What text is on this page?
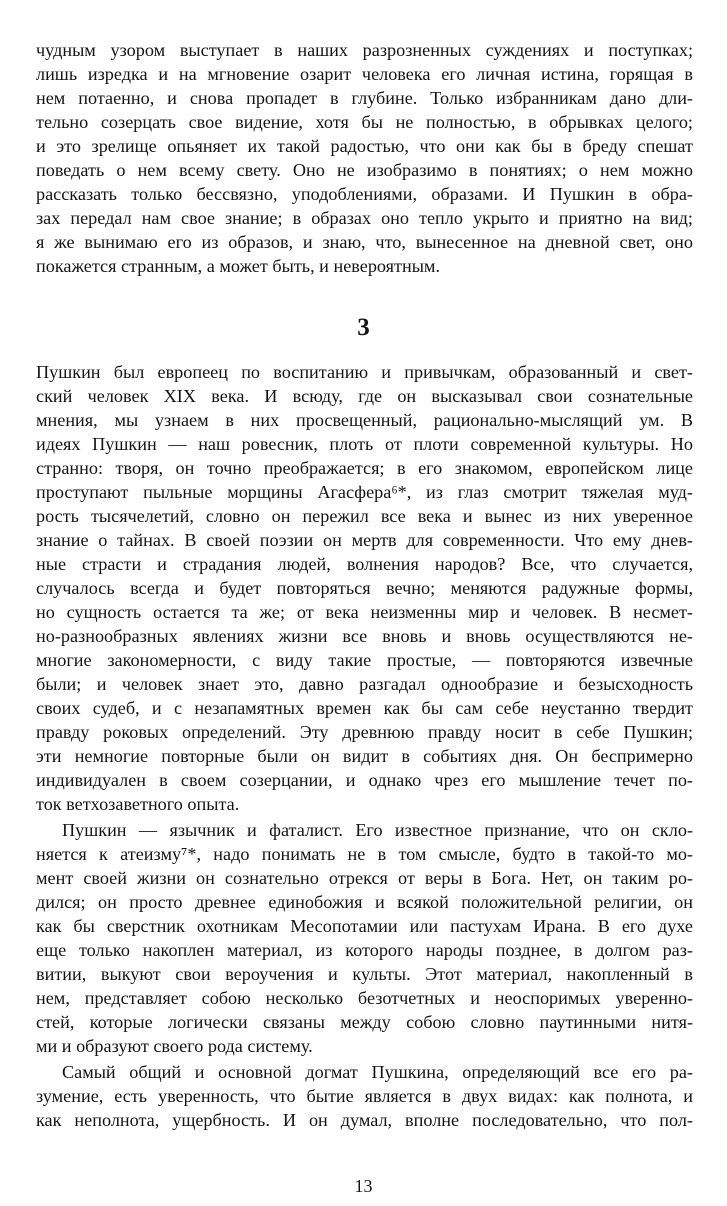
чудным узором выступает в наших разрозненных суждениях и поступках;
лишь изредка и на мгновение озарит человека его личная истина, горящая в
нем потаенно, и снова пропадет в глубине. Только избранникам дано дли-
тельно созерцать свое видение, хотя бы не полностью, в обрывках целого;
и это зрелище опьяняет их такой радостью, что они как бы в бреду спешат
поведать о нем всему свету. Оно не изобразимо в понятиях; о нем можно
рассказать только бессвязно, уподоблениями, образами. И Пушкин в обра-
зах передал нам свое знание; в образах оно тепло укрыто и приятно на вид;
я же вынимаю его из образов, и знаю, что, вынесенное на дневной свет, оно
покажется странным, а может быть, и невероятным.
3
Пушкин был европеец по воспитанию и привычкам, образованный и свет-
ский человек XIX века. И всюду, где он высказывал свои сознательные
мнения, мы узнаем в них просвещенный, рационально-мыслящий ум. В
идеях Пушкин — наш ровесник, плоть от плоти современной культуры. Но
странно: творя, он точно преображается; в его знакомом, европейском лице
проступают пыльные морщины Агасфера⁶*, из глаз смотрит тяжелая муд-
рость тысячелетий, словно он пережил все века и вынес из них уверенное
знание о тайнах. В своей поэзии он мертв для современности. Что ему днев-
ные страсти и страдания людей, волнения народов? Все, что случается,
случалось всегда и будет повторяться вечно; меняются радужные формы,
но сущность остается та же; от века неизменны мир и человек. В несмет-
но-разнообразных явлениях жизни все вновь и вновь осуществляются не-
многие закономерности, с виду такие простые, — повторяются извечные
были; и человек знает это, давно разгадал однообразие и безысходность
своих судеб, и с незапамятных времен как бы сам себе неустанно твердит
правду роковых определений. Эту древнюю правду носит в себе Пушкин;
эти немногие повторные были он видит в событиях дня. Он беспримерно
индивидуален в своем созерцании, и однако чрез его мышление течет по-
ток ветхозаветного опыта.
Пушкин — язычник и фаталист. Его известное признание, что он скло-
няется к атеизму⁷*, надо понимать не в том смысле, будто в такой-то мо-
мент своей жизни он сознательно отрекся от веры в Бога. Нет, он таким ро-
дился; он просто древнее единобожия и всякой положительной религии, он
как бы сверстник охотникам Месопотамии или пастухам Ирана. В его духе
еще только накоплен материал, из которого народы позднее, в долгом раз-
витии, выкуют свои вероучения и культы. Этот материал, накопленный в
нем, представляет собою несколько безотчетных и неоспоримых уверенно-
стей, которые логически связаны между собою словно паутинными нитя-
ми и образуют своего рода систему.
Самый общий и основной догмат Пушкина, определяющий все его ра-
зумение, есть уверенность, что бытие является в двух видах: как полнота, и
как неполнота, ущербность. И он думал, вполне последовательно, что пол-
13
